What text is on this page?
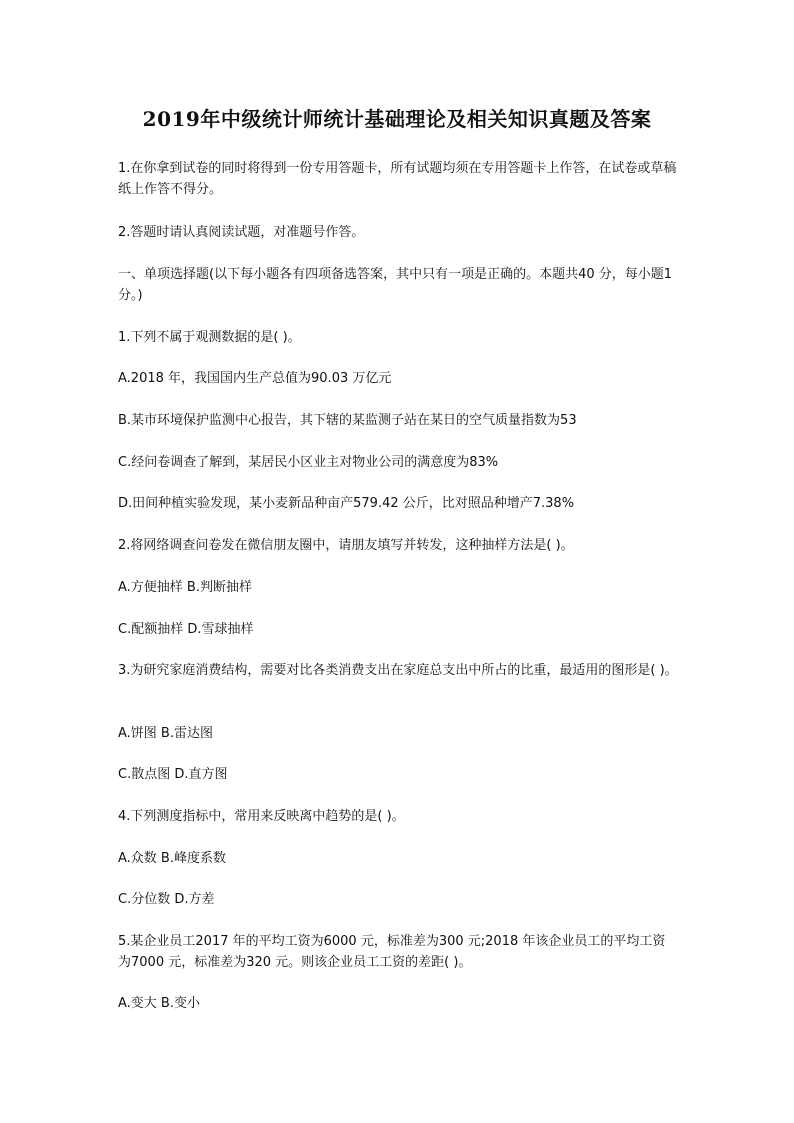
2019年中级统计师统计基础理论及相关知识真题及答案
1.在你拿到试卷的同时将得到一份专用答题卡，所有试题均须在专用答题卡上作答，在试卷或草稿纸上作答不得分。
2.答题时请认真阅读试题，对准题号作答。
一、单项选择题(以下每小题各有四项备选答案，其中只有一项是正确的。本题共40 分，每小题1 分。)
1.下列不属于观测数据的是( )。
A.2018 年，我国国内生产总值为90.03 万亿元
B.某市环境保护监测中心报告，其下辖的某监测子站在某日的空气质量指数为53
C.经问卷调查了解到，某居民小区业主对物业公司的满意度为83%
D.田间种植实验发现，某小麦新品种亩产579.42 公斤，比对照品种增产7.38%
2.将网络调查问卷发在微信朋友圈中，请朋友填写并转发，这种抽样方法是( )。
A.方便抽样 B.判断抽样
C.配额抽样 D.雪球抽样
3.为研究家庭消费结构，需要对比各类消费支出在家庭总支出中所占的比重，最适用的图形是( )。
A.饼图 B.雷达图
C.散点图 D.直方图
4.下列测度指标中，常用来反映离中趋势的是( )。
A.众数 B.峰度系数
C.分位数 D.方差
5.某企业员工2017 年的平均工资为6000 元，标准差为300 元;2018 年该企业员工的平均工资为7000 元，标准差为320 元。则该企业员工工资的差距( )。
A.变大 B.变小
